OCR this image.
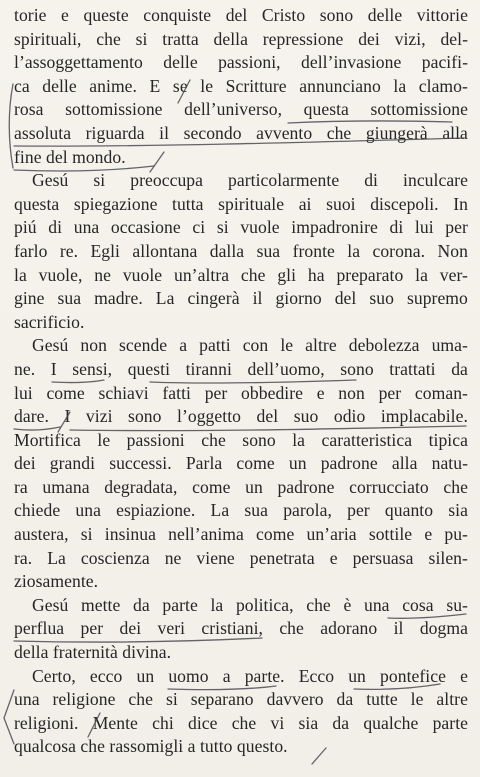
torie e queste conquiste del Cristo sono delle vittorie
spirituali, che si tratta della repressione dei vizi, del-
l’assoggettamento delle passioni, dell’invasione pacifi-
ca delle anime. E se le Scritture annunciano la clamo-
rosa sottomissione dell’universo, questa sottomissione
assoluta riguarda il secondo avvento che giungerà alla
fine del mondo.
Gesú si preoccupa particolarmente di inculcare
questa spiegazione tutta spirituale ai suoi discepoli. In
piú di una occasione ci si vuole impadronire di lui per
farlo re. Egli allontana dalla sua fronte la corona. Non
la vuole, ne vuole un’altra che gli ha preparato la ver-
gine sua madre. La cingerà il giorno del suo supremo
sacrificio.
Gesú non scende a patti con le altre debolezza uma-
ne. I sensi, questi tiranni dell’uomo, sono trattati da
lui come schiavi fatti per obbedire e non per coman-
dare. I vizi sono l’oggetto del suo odio implacabile.
Mortifica le passioni che sono la caratteristica tipica
dei grandi successi. Parla come un padrone alla natu-
ra umana degradata, come un padrone corrucciato che
chiede una espiazione. La sua parola, per quanto sia
austera, si insinua nell’anima come un’aria sottile e pu-
ra. La coscienza ne viene penetrata e persuasa silen-
ziosamente.
Gesú mette da parte la politica, che è una cosa su-
perflua per dei veri cristiani, che adorano il dogma
della fraternità divina.
Certo, ecco un uomo a parte. Ecco un pontefice e
una religione che si separano davvero da tutte le altre
religioni. Mente chi dice che vi sia da qualche parte
qualcosa che rassomigli a tutto questo.
